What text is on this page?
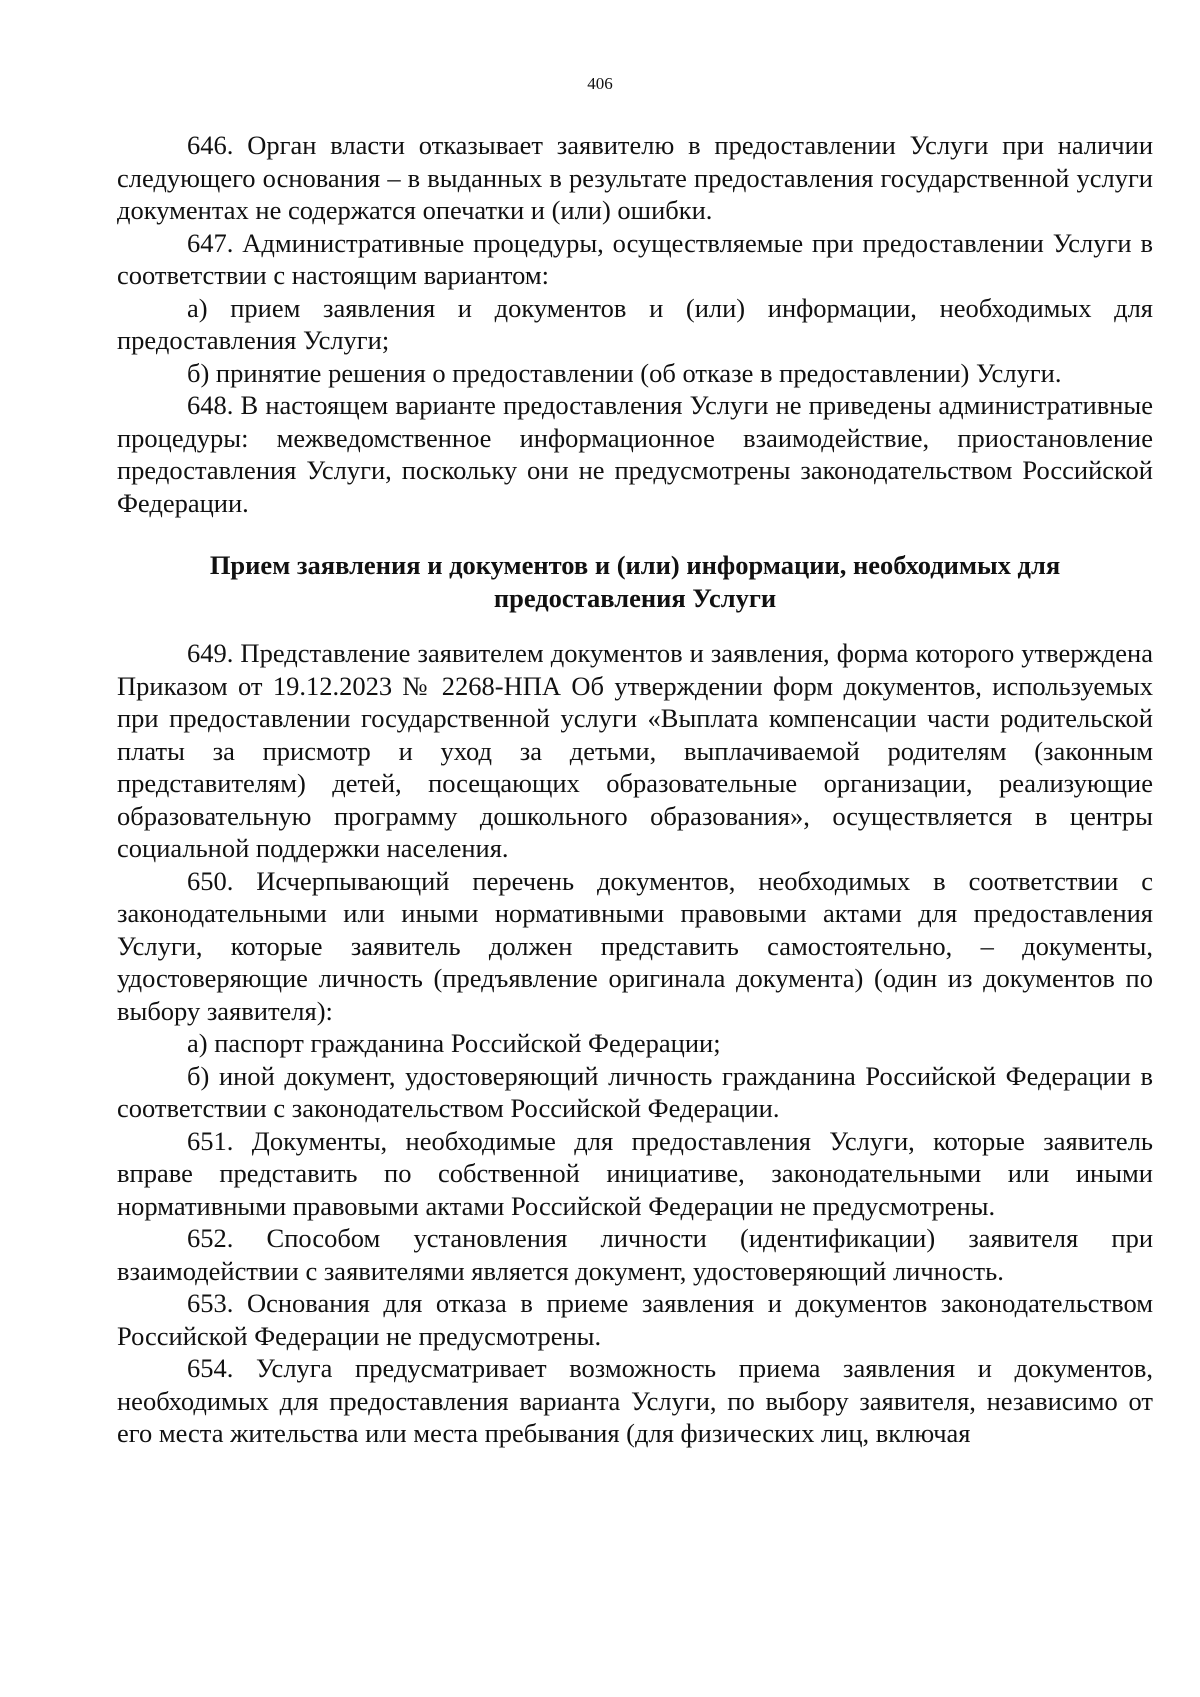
406

646. Орган власти отказывает заявителю в предоставлении Услуги при наличии следующего основания – в выданных в результате предоставления государственной услуги документах не содержатся опечатки и (или) ошибки.

647. Административные процедуры, осуществляемые при предоставлении Услуги в соответствии с настоящим вариантом:

а) прием заявления и документов и (или) информации, необходимых для предоставления Услуги;

б) принятие решения о предоставлении (об отказе в предоставлении) Услуги.

648. В настоящем варианте предоставления Услуги не приведены административные процедуры: межведомственное информационное взаимодействие, приостановление предоставления Услуги, поскольку они не предусмотрены законодательством Российской Федерации.

Прием заявления и документов и (или) информации, необходимых для
предоставления Услуги

649. Представление заявителем документов и заявления, форма которого утверждена Приказом от 19.12.2023 № 2268-НПА Об утверждении форм документов, используемых при предоставлении государственной услуги «Выплата компенсации части родительской платы за присмотр и уход за детьми, выплачиваемой родителям (законным представителям) детей, посещающих образовательные организации, реализующие образовательную программу дошкольного образования», осуществляется в центры социальной поддержки населения.

650. Исчерпывающий перечень документов, необходимых в соответствии с законодательными или иными нормативными правовыми актами для предоставления Услуги, которые заявитель должен представить самостоятельно, – документы, удостоверяющие личность (предъявление оригинала документа) (один из документов по выбору заявителя):

а) паспорт гражданина Российской Федерации;

б) иной документ, удостоверяющий личность гражданина Российской Федерации в соответствии с законодательством Российской Федерации.

651. Документы, необходимые для предоставления Услуги, которые заявитель вправе представить по собственной инициативе, законодательными или иными нормативными правовыми актами Российской Федерации не предусмотрены.

652. Способом установления личности (идентификации) заявителя при взаимодействии с заявителями является документ, удостоверяющий личность.

653. Основания для отказа в приеме заявления и документов законодательством Российской Федерации не предусмотрены.

654. Услуга предусматривает возможность приема заявления и документов, необходимых для предоставления варианта Услуги, по выбору заявителя, независимо от его места жительства или места пребывания (для физических лиц, включая
